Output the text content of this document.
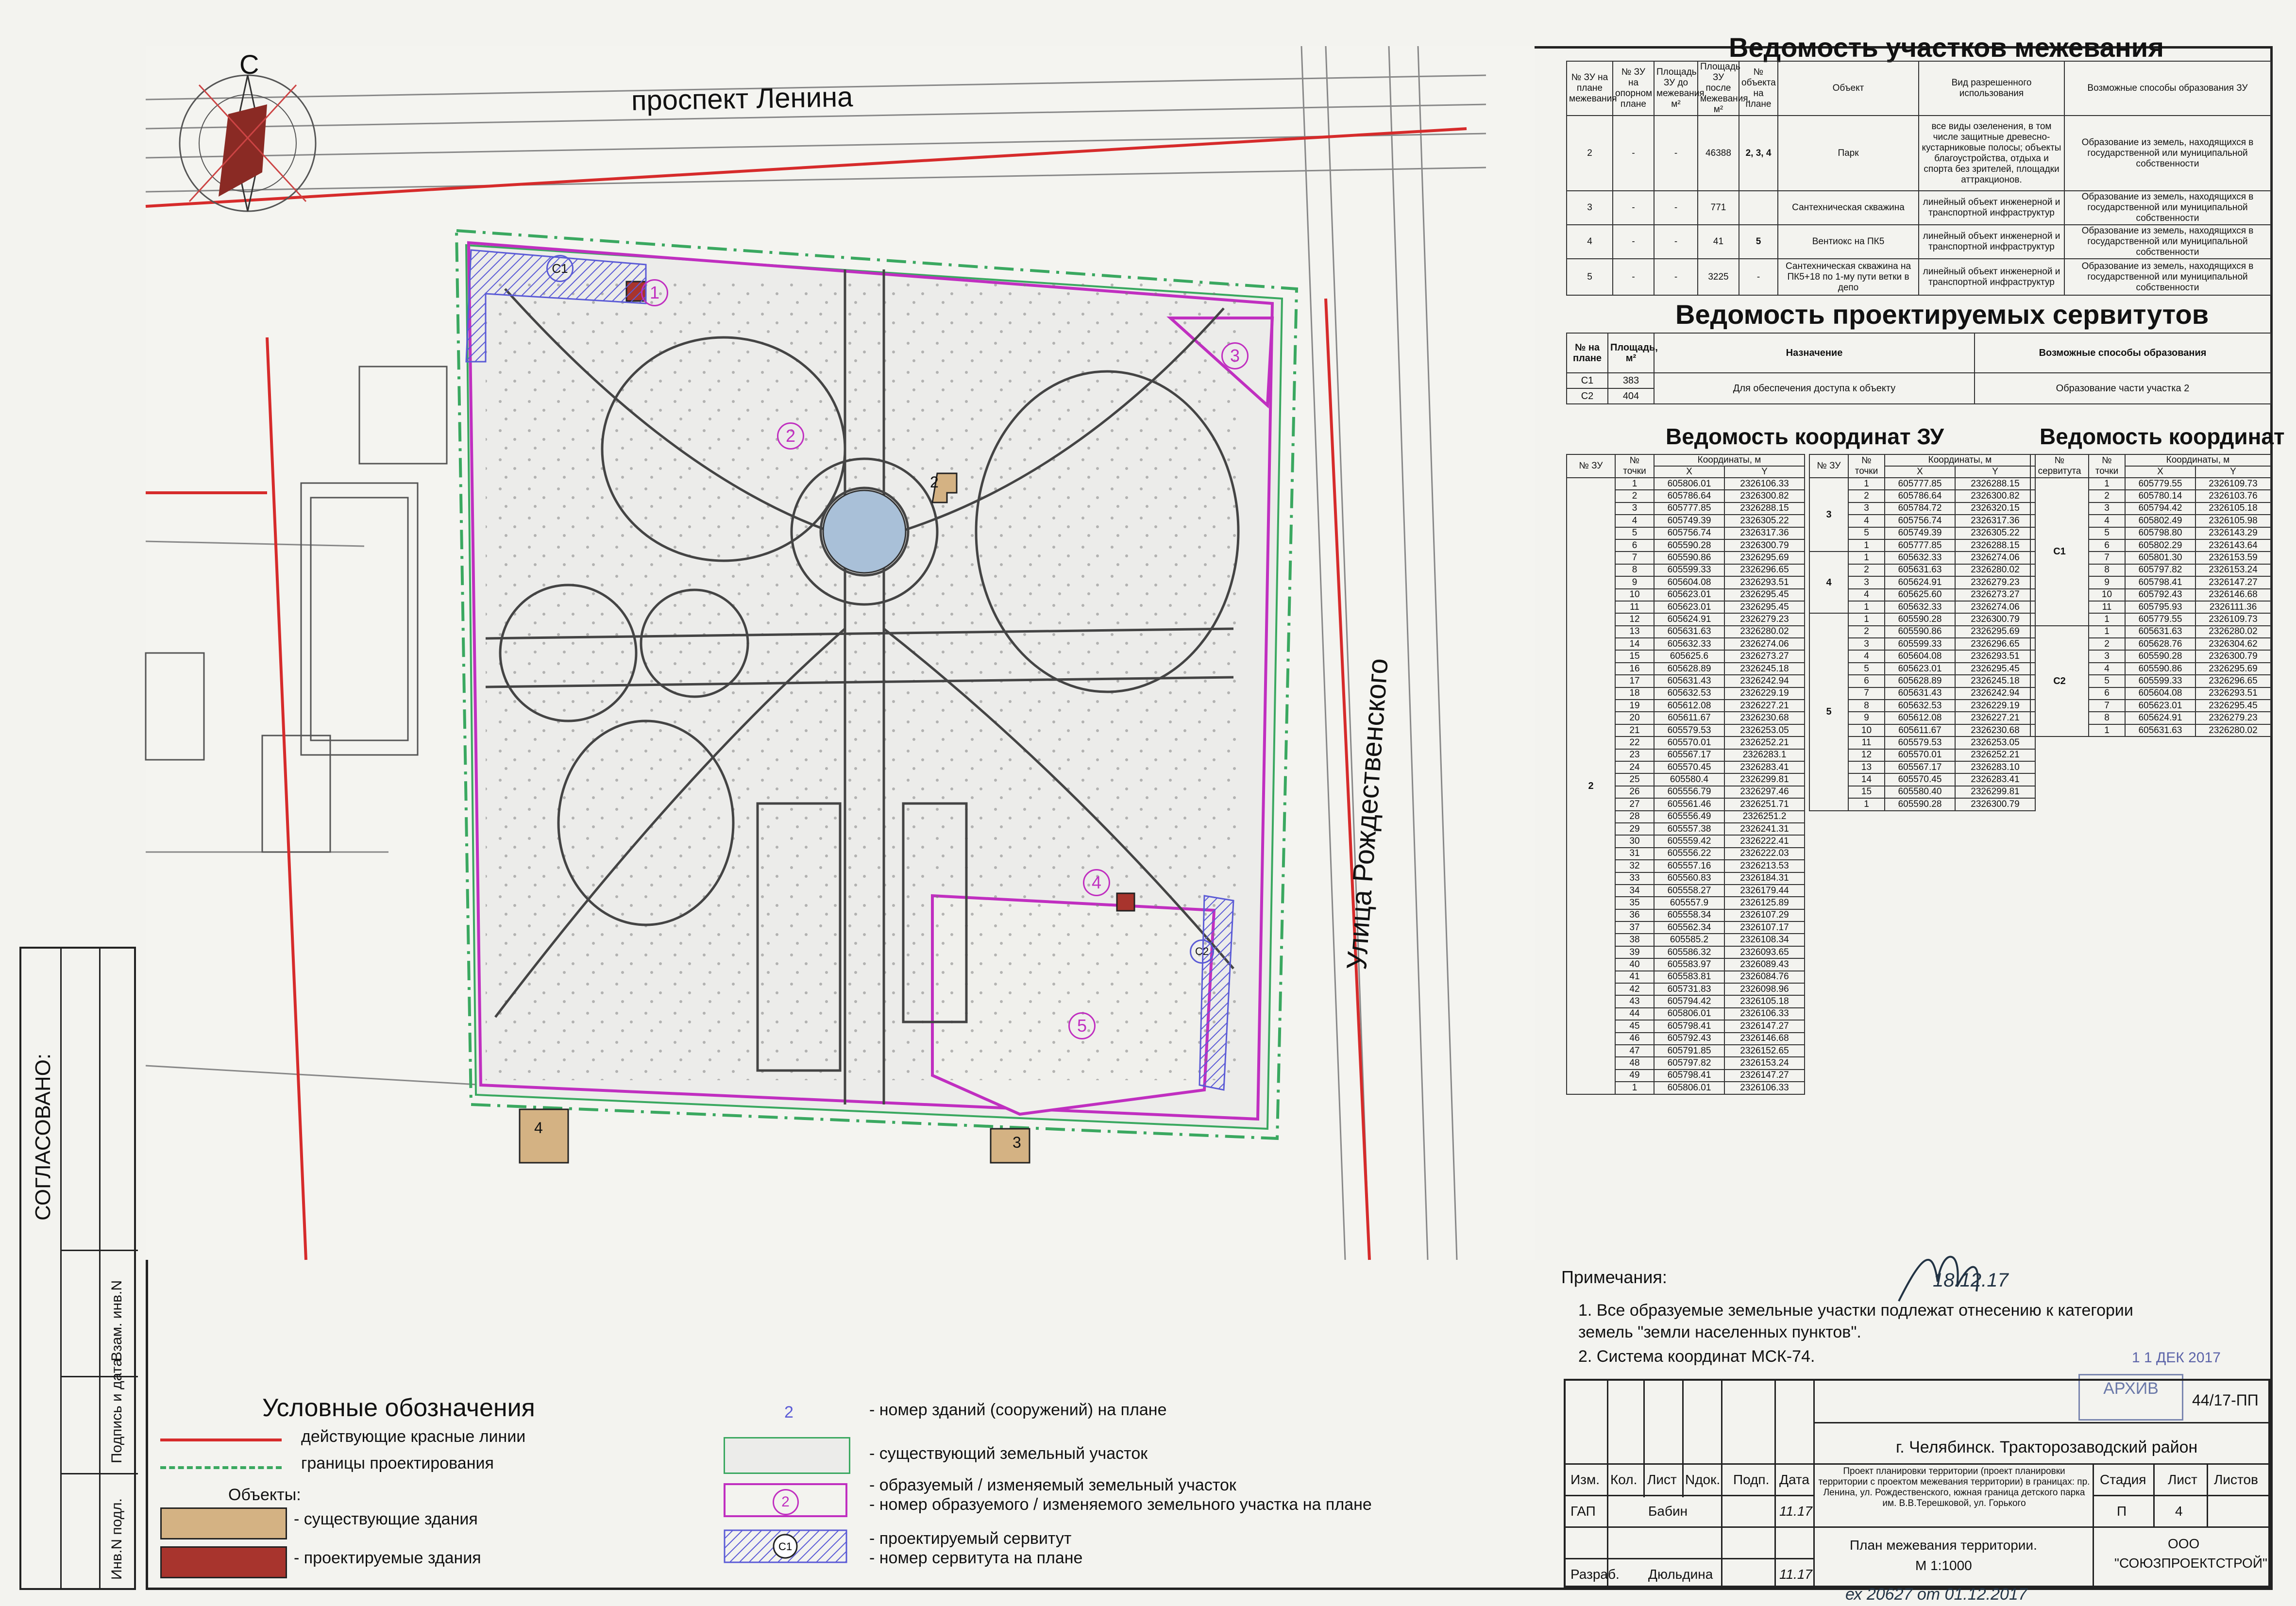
СОГЛАСОВАНО:
Взам. инв.N
Подпись и дата
Инв.N подл.
С
проспект Ленина
Улица Рождественского
2
1
2
3
4
5
C1
C2
3
4
Ведомость участков межевания
№ ЗУ на плане межевания	№ ЗУ на опорном плане	Площадь ЗУ до межевания, м²	Площадь ЗУ после межевания, м²	№ объекта на плане	Объект	Вид разрешенного использования	Возможные способы образования ЗУ
2	-	-	46388	2, 3, 4	Парк	все виды озеленения, в том числе защитные древесно-кустарниковые полосы; объекты благоустройства, отдыха и спорта без зрителей, площадки аттракционов.	Образование из земель, находящихся в государственной или муниципальной собственности
3	-	-	771		Сантехническая скважина	линейный объект инженерной и транспортной инфраструктур	Образование из земель, находящихся в государственной или муниципальной собственности
4	-	-	41	5	Вентиокс на ПК5	линейный объект инженерной и транспортной инфраструктур	Образование из земель, находящихся в государственной или муниципальной собственности
5	-	-	3225	-	Сантехническая скважина на ПК5+18 по 1-му пути ветки в депо	линейный объект инженерной и транспортной инфраструктур	Образование из земель, находящихся в государственной или муниципальной собственности
Ведомость проектируемых сервитутов
№ на плане	Площадь, м²	Назначение	Возможные способы образования
C1	383	Для обеспечения доступа к объекту	Образование части участка 2
C2	404		
Ведомость координат ЗУ
№ ЗУ	№ точки	Координаты, м	
		X	Y
2	1	605806.01	2326106.33
	2	605786.64	2326300.82
	3	605777.85	2326288.15
	4	605749.39	2326305.22
	5	605756.74	2326317.36
	6	605590.28	2326300.79
	7	605590.86	2326295.69
	8	605599.33	2326296.65
	9	605604.08	2326293.51
	10	605623.01	2326295.45
	11	605623.01	2326295.45
	12	605624.91	2326279.23
	13	605631.63	2326280.02
	14	605632.33	2326274.06
	15	605625.6	2326273.27
	16	605628.89	2326245.18
	17	605631.43	2326242.94
	18	605632.53	2326229.19
	19	605612.08	2326227.21
	20	605611.67	2326230.68
	21	605579.53	2326253.05
	22	605570.01	2326252.21
	23	605567.17	2326283.1
	24	605570.45	2326283.41
	25	605580.4	2326299.81
	26	605556.79	2326297.46
	27	605561.46	2326251.71
	28	605556.49	2326251.2
	29	605557.38	2326241.31
	30	605559.42	2326222.41
	31	605556.22	2326222.03
	32	605557.16	2326213.53
	33	605560.83	2326184.31
	34	605558.27	2326179.44
	35	605557.9	2326125.89
	36	605558.34	2326107.29
	37	605562.34	2326107.17
	38	605585.2	2326108.34
	39	605586.32	2326093.65
	40	605583.97	2326089.43
	41	605583.81	2326084.76
	42	605731.83	2326098.96
	43	605794.42	2326105.18
	44	605806.01	2326106.33
	45	605798.41	2326147.27
	46	605792.43	2326146.68
	47	605791.85	2326152.65
	48	605797.82	2326153.24
	49	605798.41	2326147.27
	1	605806.01	2326106.33
№ ЗУ	№ точки	Координаты, м	
		X	Y
3	1	605777.85	2326288.15
	2	605786.64	2326300.82
	3	605784.72	2326320.15
	4	605756.74	2326317.36
	5	605749.39	2326305.22
	1	605777.85	2326288.15
4	1	605632.33	2326274.06
	2	605631.63	2326280.02
	3	605624.91	2326279.23
	4	605625.60	2326273.27
	1	605632.33	2326274.06
5	1	605590.28	2326300.79
	2	605590.86	2326295.69
	3	605599.33	2326296.65
	4	605604.08	2326293.51
	5	605623.01	2326295.45
	6	605628.89	2326245.18
	7	605631.43	2326242.94
	8	605632.53	2326229.19
	9	605612.08	2326227.21
	10	605611.67	2326230.68
	11	605579.53	2326253.05
	12	605570.01	2326252.21
	13	605567.17	2326283.10
	14	605570.45	2326283.41
	15	605580.40	2326299.81
	1	605590.28	2326300.79
Ведомость координат
№ сервитута	№ точки	Координаты, м	
		X	Y
C1	1	605779.55	2326109.73
	2	605780.14	2326103.76
	3	605794.42	2326105.18
	4	605802.49	2326105.98
	5	605798.80	2326143.29
	6	605802.29	2326143.64
	7	605801.30	2326153.59
	8	605797.82	2326153.24
	9	605798.41	2326147.27
	10	605792.43	2326146.68
	11	605795.93	2326111.36
	1	605779.55	2326109.73
C2	1	605631.63	2326280.02
	2	605628.76	2326304.62
	3	605590.28	2326300.79
	4	605590.86	2326295.69
	5	605599.33	2326296.65
	6	605604.08	2326293.51
	7	605623.01	2326295.45
	8	605624.91	2326279.23
	1	605631.63	2326280.02
Примечания:
1. Все образуемые земельные участки подлежат отнесению к категории
земель "земли населенных пунктов".
2. Система координат МСК-74.
18.12.17
АРХИВ
1 1 ДЕК 2017
Условные обозначения
действующие красные линии
границы проектирования
Объекты:
- существующие здания
- проектируемые здания
2	- номер зданий (сооружений) на плане
- существующий земельный участок
2
- образуемый / изменяемый земельный участок
- номер образуемого / изменяемого земельного участка на плане
C1	- проектируемый сервитут
- номер сервитута на плане
44/17-ПП
г. Челябинск. Тракторозаводский район
Изм. Кол. Лист Nдок. Подп. Дата
ГАП	Бабин	11.17
Разраб. Дюльдина	11.17
Проект планировки территории (проект планировки территории с проектом межевания территории) в границах: пр. Ленина, ул. Рождественского, южная граница детского парка им. В.В.Терешковой, ул. Горького
Стадия Лист Листов
П	4
План межевания территории.
М 1:1000
ООО
"СОЮЗПРОЕКТСТРОЙ"
ех 20627 от 01.12.2017
